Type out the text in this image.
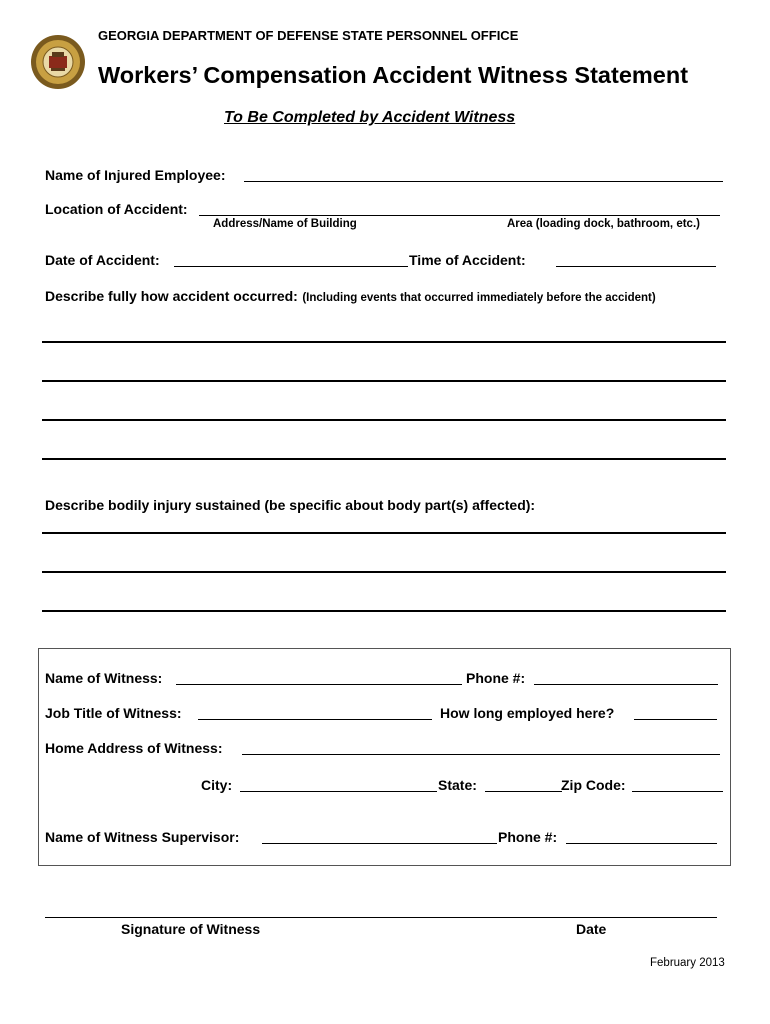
GEORGIA DEPARTMENT OF DEFENSE STATE PERSONNEL OFFICE
Workers’ Compensation Accident Witness Statement
To Be Completed by Accident Witness
Name of Injured Employee:
Location of Accident:
Address/Name of Building	Area (loading dock, bathroom, etc.)
Date of Accident:	Time of Accident:
Describe fully how accident occurred: (Including events that occurred immediately before the accident)
Describe bodily injury sustained (be specific about body part(s) affected):
Name of Witness:	Phone #:
Job Title of Witness:	How long employed here?
Home Address of Witness:
City:	State:	Zip Code:
Name of Witness Supervisor:	Phone #:
Signature of Witness	Date
February 2013
